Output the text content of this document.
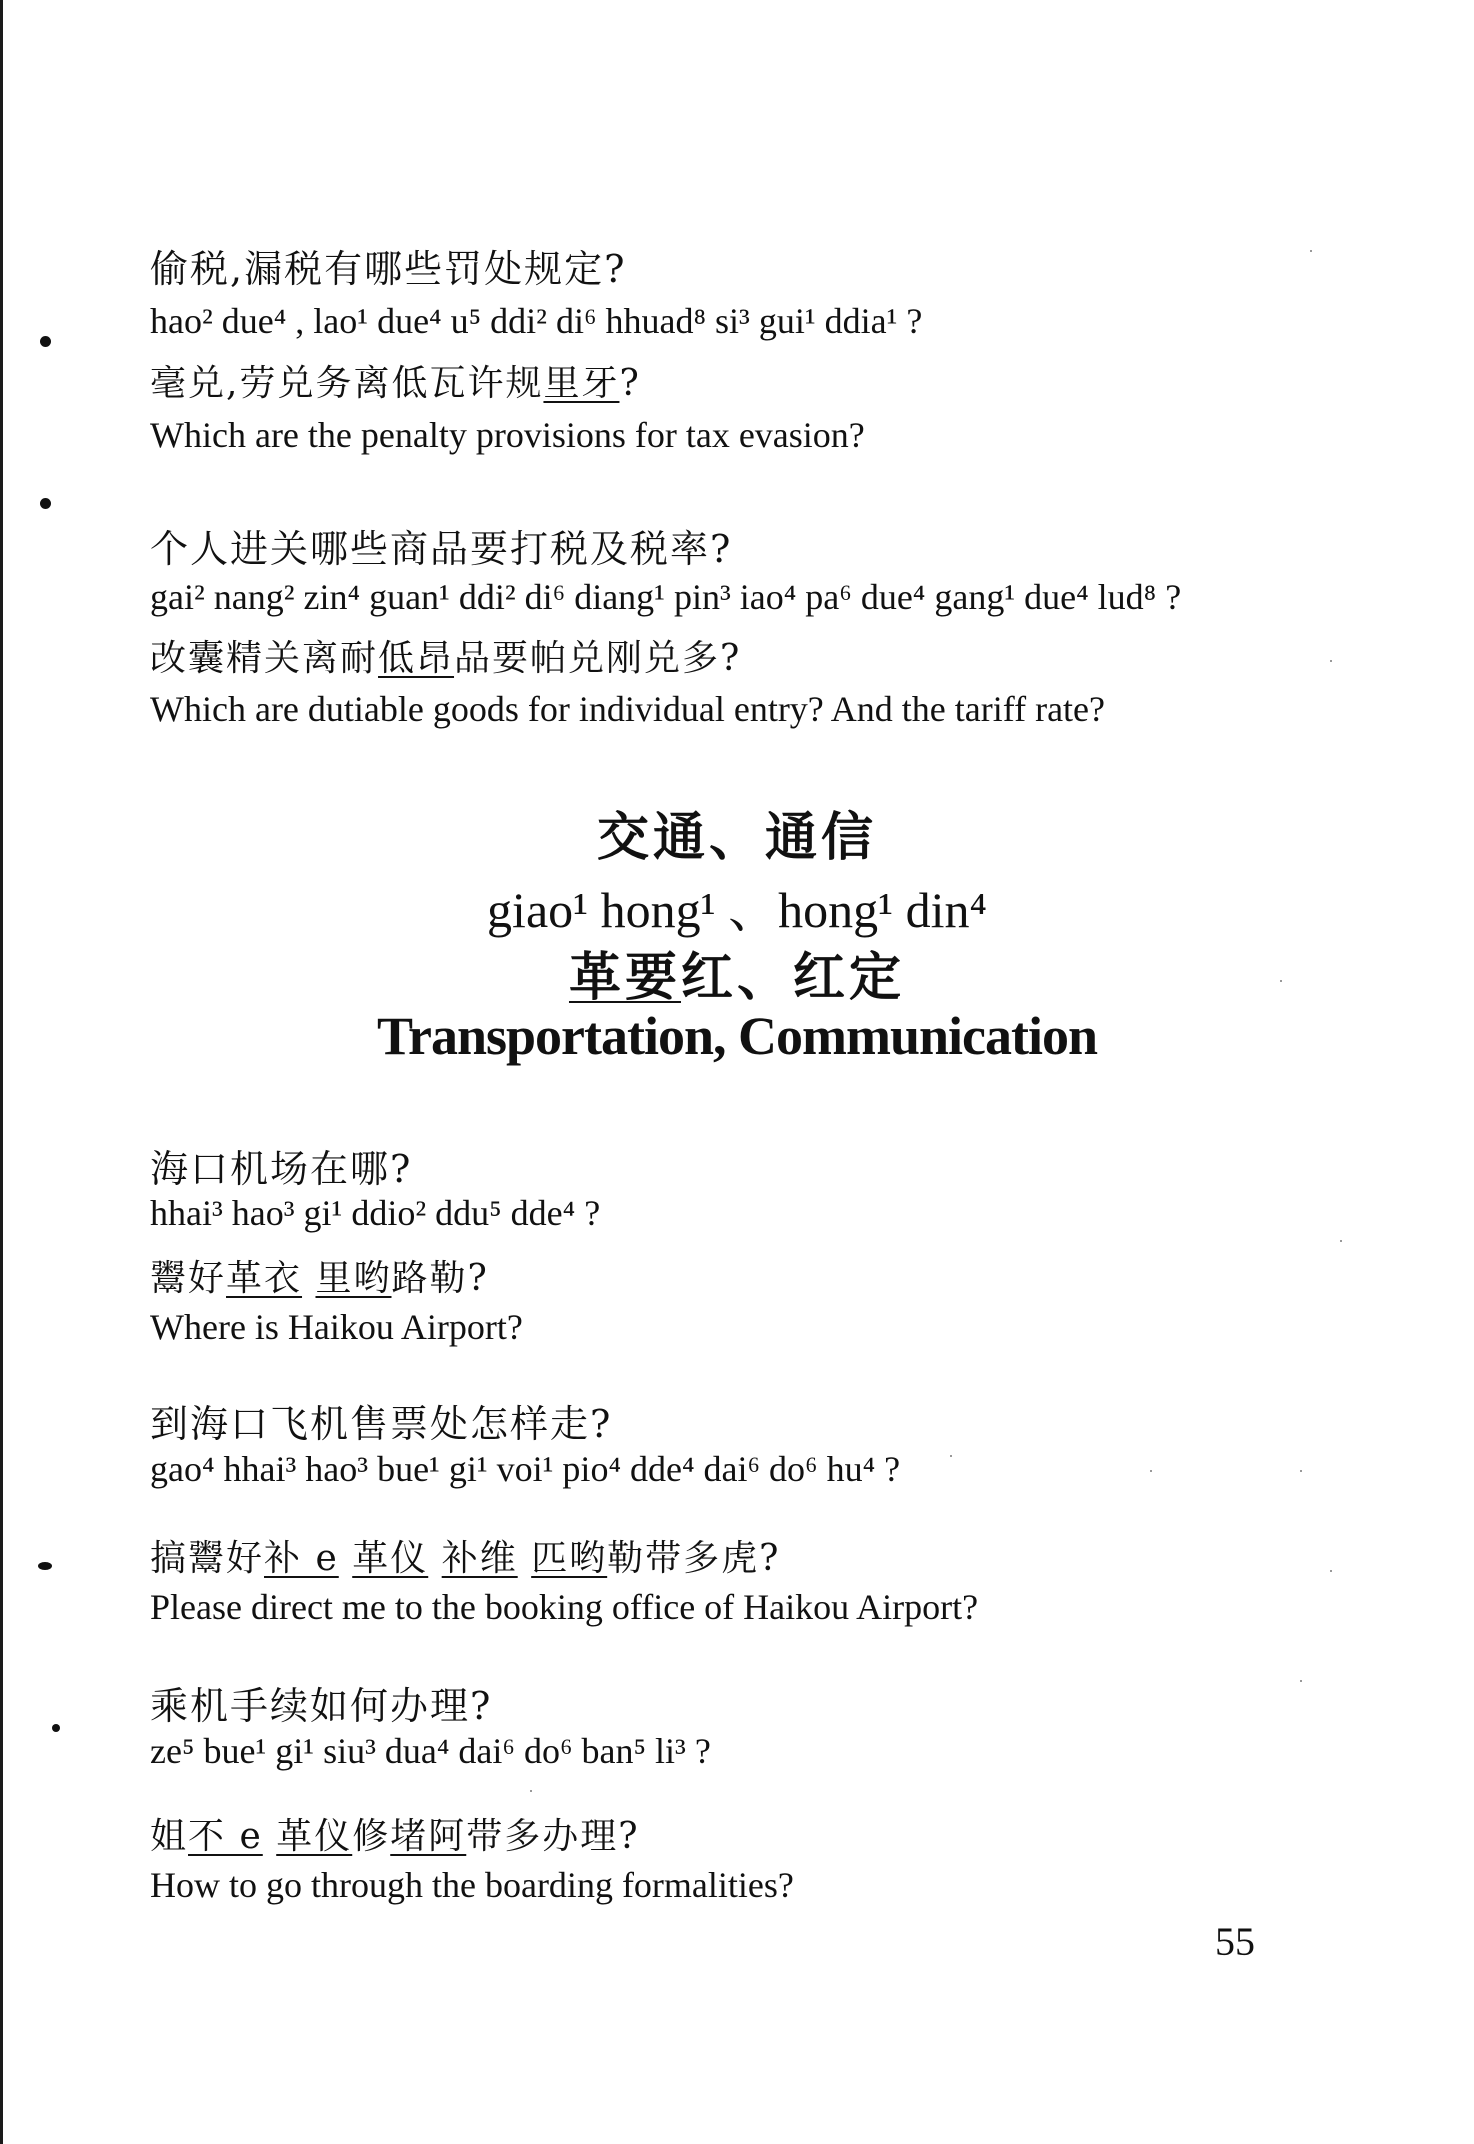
偷税,漏税有哪些罚处规定?
hao² due⁴ , lao¹ due⁴ u⁵ ddi² di⁶ hhuad⁸ si³ gui¹ ddia¹ ?
毫兑,劳兑务离低瓦许规里牙?
Which are the penalty provisions for tax evasion?
个人进关哪些商品要打税及税率?
gai² nang² zin⁴ guan¹ ddi² di⁶ diang¹ pin³ iao⁴ pa⁶ due⁴ gang¹ due⁴ lud⁸ ?
改囊精关离耐低昂品要帕兑刚兑多?
Which are dutiable goods for individual entry? And the tariff rate?
交通、通信
giao¹ hong¹ 、hong¹ din⁴
革要红、红定
Transportation, Communication
海口机场在哪?
hhai³ hao³ gi¹ ddio² ddu⁵ dde⁴ ?
鬻好革衣 里哟路勒?
Where is Haikou Airport?
到海口飞机售票处怎样走?
gao⁴ hhai³ hao³ bue¹ gi¹ voi¹ pio⁴ dde⁴ dai⁶ do⁶ hu⁴ ?
搞鬻好补 e 革仪 补维 匹哟勒带多虎?
Please direct me to the booking office of Haikou Airport?
乘机手续如何办理?
ze⁵ bue¹ gi¹ siu³ dua⁴ dai⁶ do⁶ ban⁵ li³ ?
姐不 e 革仪修堵阿带多办理?
How to go through the boarding formalities?
55
